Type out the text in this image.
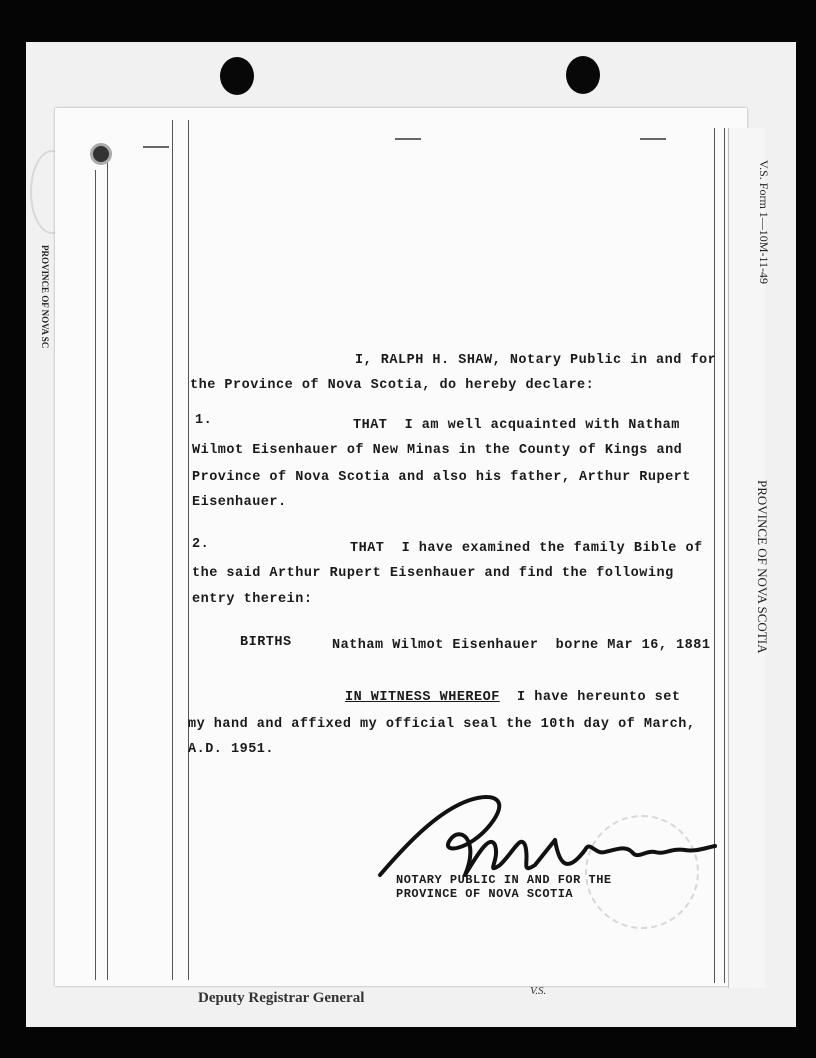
PROVINCE OF NOVA SC
V.S. Form 1—10M-11-49
PROVINCE OF NOVA SCOTIA
I, RALPH H. SHAW, Notary Public in and for
the Province of Nova Scotia, do hereby declare:
1.	THAT  I am well acquainted with Natham
Wilmot Eisenhauer of New Minas in the County of Kings and
Province of Nova Scotia and also his father, Arthur Rupert
Eisenhauer.
2.	THAT  I have examined the family Bible of
the said Arthur Rupert Eisenhauer and find the following
entry therein:
BIRTHS	Natham Wilmot Eisenhauer  borne Mar 16, 1881
IN WITNESS WHEREOF  I have hereunto set
my hand and affixed my official seal the 10th day of March,
A.D. 1951.
NOTARY PUBLIC IN AND FOR THE
PROVINCE OF NOVA SCOTIA
Deputy Registrar General	V.S.
